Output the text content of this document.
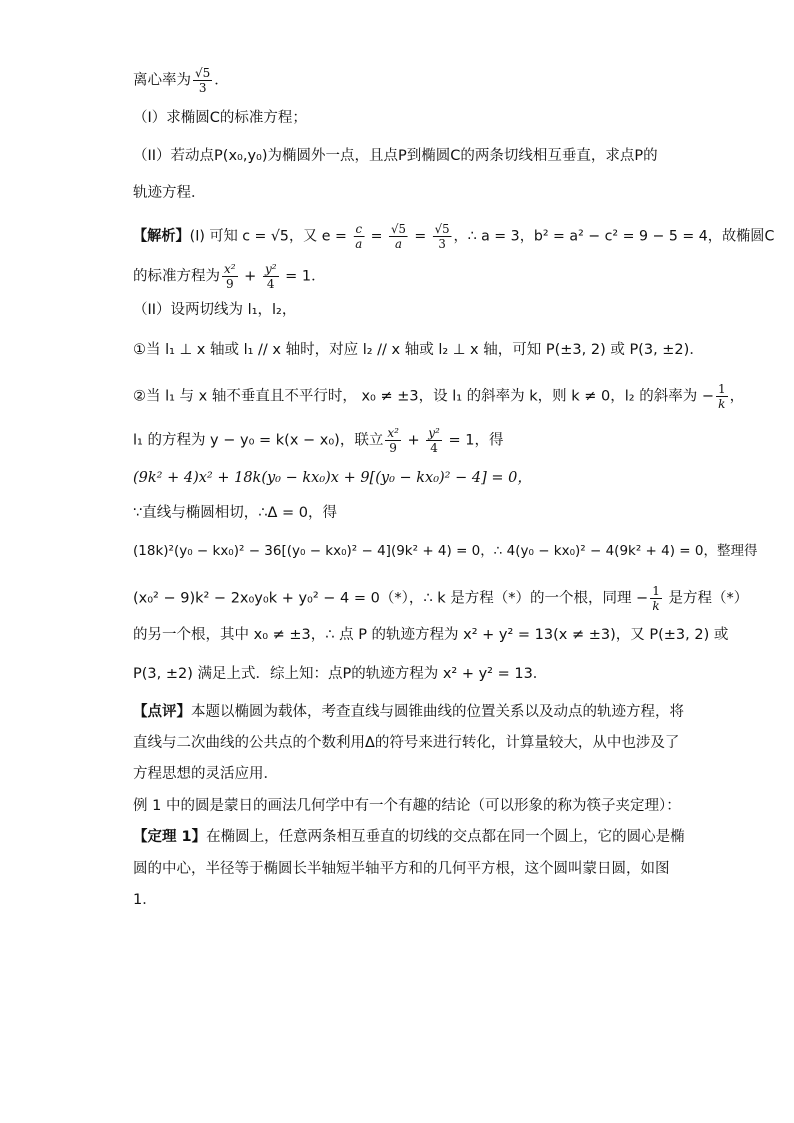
离心率为 $\frac{√5}{3}$ ．
（I）求椭圆C的标准方程；
（II）若动点P(x₀,y₀)为椭圆外一点，且点P到椭圆C的两条切线相互垂直，求点P的
轨迹方程．
【解析】(I) 可知 c = √5，又 $e = \frac{c}{a} = \frac{√5}{a} = \frac{√5}{3}$ ，∴ a = 3，b² = a² − c² = 9 − 5 = 4，故椭圆C
的标准方程为 $\frac{\text{x²}}{9} + \frac{\text{y²}}{4} = 1$．
（II）设两切线为 l₁，l₂，
①当 l₁ ⊥ x 轴或 l₁ // x 轴时，对应 l₂ // x 轴或 l₂ ⊥ x 轴，可知 P(±3, 2) 或 P(3, ±2)．
②当 l₁ 与 x 轴不垂直且不平行时， x₀ ≠ ±3，设 l₁ 的斜率为 k，则 k ≠ 0，l₂ 的斜率为 − $\frac{1}{k}$ ，
l₁ 的方程为 y − y₀ = k(x − x₀)，联立 $\frac{\text{x²}}{9} + \frac{\text{y²}}{4} = 1$，得
(9k² + 4)x² + 18k(y₀ − kx₀)x + 9[(y₀ − kx₀)² − 4] = 0，
∵直线与椭圆相切，∴Δ = 0，得
(18k)²(y₀ − kx₀)² − 36[(y₀ − kx₀)² − 4](9k² + 4) = 0，∴ 4(y₀ − kx₀)² − 4(9k² + 4) = 0，整理得
(x₀² − 9)k² − 2x₀y₀k + y₀² − 4 = 0（*），∴ k 是方程（*）的一个根，同理 − $\frac{1}{k}$ 是方程（*）
的另一个根，其中 x₀ ≠ ±3，∴ 点 P 的轨迹方程为 x² + y² = 13(x ≠ ±3)，又 P(±3, 2) 或
P(3, ±2) 满足上式．综上知：点P的轨迹方程为 x² + y² = 13．
【点评】本题以椭圆为载体，考查直线与圆锥曲线的位置关系以及动点的轨迹方程，将
直线与二次曲线的公共点的个数利用Δ的符号来进行转化，计算量较大，从中也涉及了
方程思想的灵活应用．
例 1 中的圆是蒙日的画法几何学中有一个有趣的结论（可以形象的称为筷子夹定理）：
【定理 1】在椭圆上，任意两条相互垂直的切线的交点都在同一个圆上，它的圆心是椭
圆的中心，半径等于椭圆长半轴短半轴平方和的几何平方根，这个圆叫蒙日圆，如图
1．
